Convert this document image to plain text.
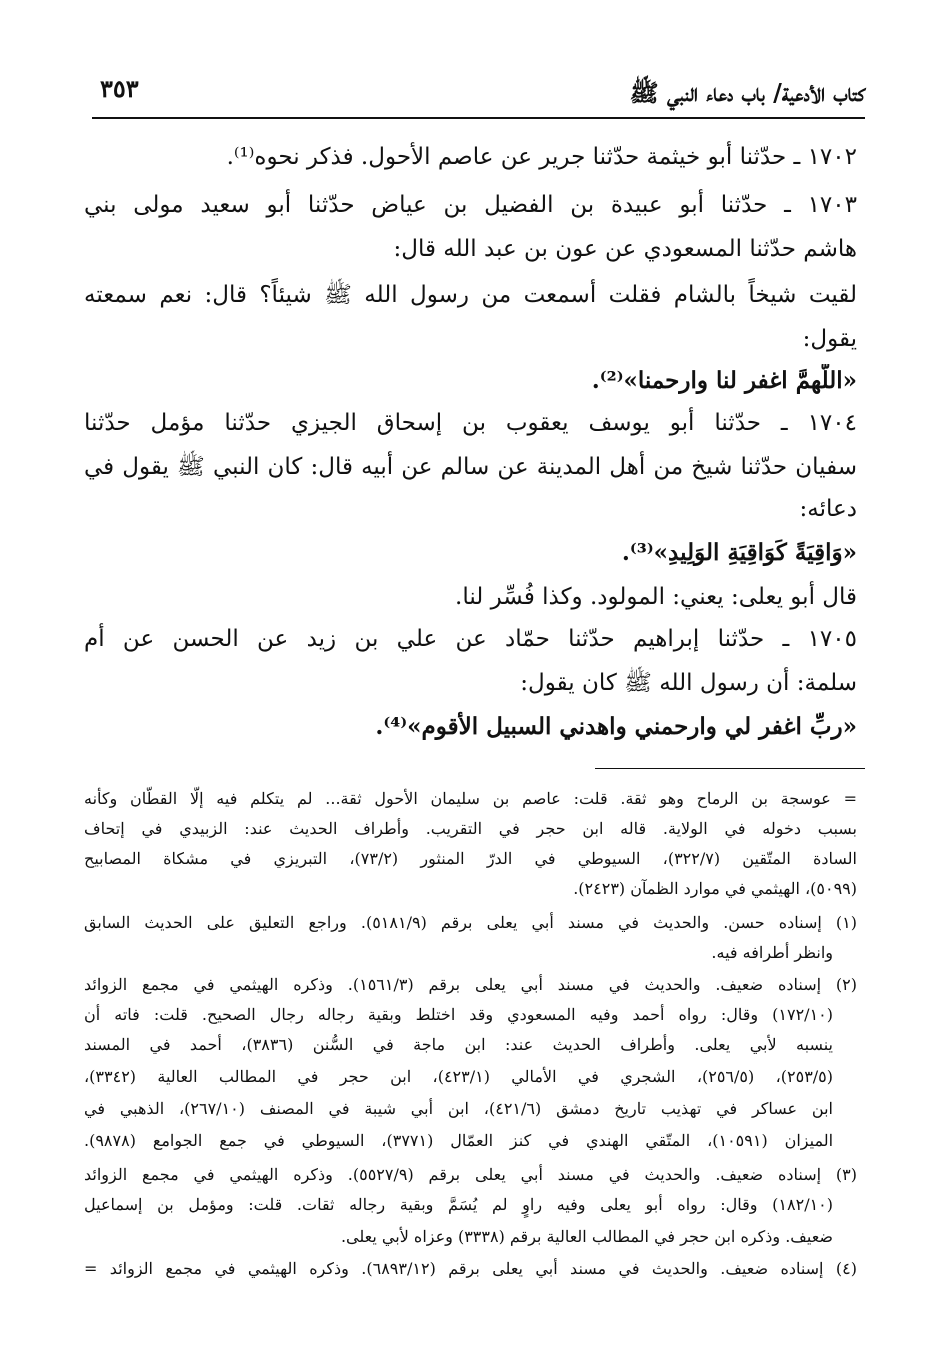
كتاب الأدعية/ باب دعاء النبي ﷺ
٣٥٣
١٧٠٢ ـ حدّثنا أبو خيثمة حدّثنا جرير عن عاصم الأحول. فذكر نحوه⁽¹⁾.
١٧٠٣ ـ حدّثنا أبو عبيدة بن الفضيل بن عياض حدّثنا أبو سعيد مولى بني
هاشم حدّثنا المسعودي عن عون بن عبد الله قال:
لقيت شيخاً بالشام فقلت أسمعت من رسول الله ﷺ شيئاً؟ قال: نعم سمعته
يقول:
«اللّهمَّ اغفر لنا وارحمنا»⁽²⁾.
١٧٠٤ ـ حدّثنا أبو يوسف يعقوب بن إسحاق الجيزي حدّثنا مؤمل حدّثنا
سفيان حدّثنا شيخ من أهل المدينة عن سالم عن أبيه قال: كان النبي ﷺ يقول في
دعائه:
«وَاقِيَةً كَوَاقِيَةِ الوَلِيدِ»⁽³⁾.
قال أبو يعلى: يعني: المولود. وكذا فُسِّر لنا.
١٧٠٥ ـ حدّثنا إبراهيم حدّثنا حمّاد عن علي بن زيد عن الحسن عن أم
سلمة: أن رسول الله ﷺ كان يقول:
«ربِّ اغفر لي وارحمني واهدني السبيل الأقوم»⁽⁴⁾.
= عوسجة بن الرماح وهو ثقة. قلت: عاصم بن سليمان الأحول ثقة... لم يتكلم فيه إلّا القطّان وكأنه
بسبب دخوله في الولاية. قاله ابن حجر في التقريب. وأطراف الحديث عند: الزبيدي في إتحاف
السادة المتّقين (٣٢٢/٧)، السيوطي في الدرّ المنثور (٧٣/٢)، التبريزي في مشكاة المصابيح
(٥٠٩٩)، الهيثمي في موارد الظمآن (٢٤٢٣).
(١) إسناده حسن. والحديث في مسند أبي يعلى برقم (٥١٨١/٩). وراجع التعليق على الحديث السابق
وانظر أطرافه فيه.
(٢) إسناده ضعيف. والحديث في مسند أبي يعلى برقم (١٥٦١/٣). وذكره الهيثمي في مجمع الزوائد
(١٧٢/١٠) وقال: رواه أحمد وفيه المسعودي وقد اختلط وبقية رجاله رجال الصحيح. قلت: فاته أن
ينسبه لأبي يعلى. وأطراف الحديث عند: ابن ماجة في السُّنن (٣٨٣٦)، أحمد في المسند
(٢٥٣/٥)، (٢٥٦/٥)، الشجري في الأمالي (٤٢٣/١)، ابن حجر في المطالب العالية (٣٣٤٢)،
ابن عساكر في تهذيب تاريخ دمشق (٤٢١/٦)، ابن أبي شيبة في المصنف (٢٦٧/١٠)، الذهبي في
الميزان (١٠٥٩١)، المتّقي الهندي في كنز العمّال (٣٧٧١)، السيوطي في جمع الجوامع (٩٨٧٨).
(٣) إسناده ضعيف. والحديث في مسند أبي يعلى برقم (٥٥٢٧/٩). وذكره الهيثمي في مجمع الزوائد
(١٨٢/١٠) وقال: رواه أبو يعلى وفيه راوٍ لم يُسَمَّ وبقية رجاله ثقات. قلت: ومؤمل بن إسماعيل
ضعيف. وذكره ابن حجر في المطالب العالية برقم (٣٣٣٨) وعزاه لأبي يعلى.
(٤) إسناده ضعيف. والحديث في مسند أبي يعلى برقم (٦٨٩٣/١٢). وذكره الهيثمي في مجمع الزوائد =
